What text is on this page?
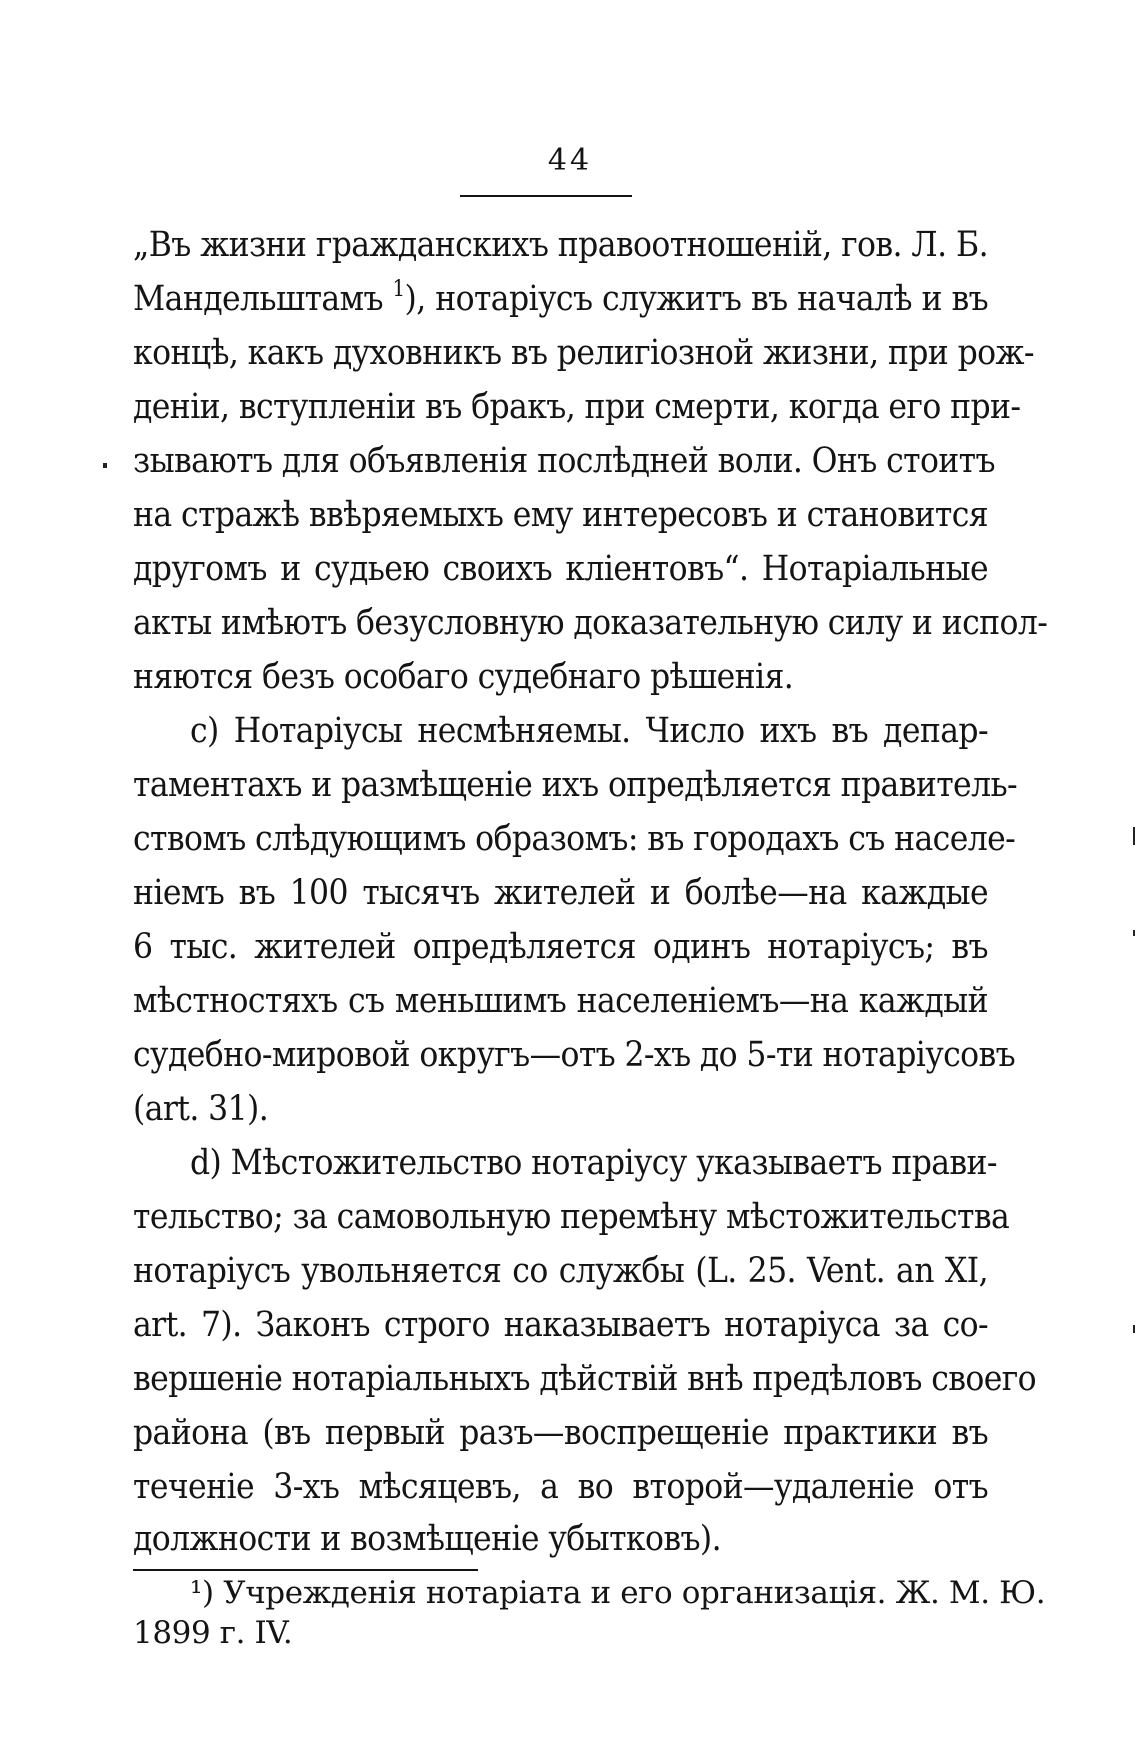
44
„Въ жизни гражданскихъ правоотношеній, гов. Л. Б.
Мандельштамъ $^1$), нотаріусъ служитъ въ началѣ и въ
концѣ, какъ духовникъ въ религіозной жизни, при рож-
деніи, вступленіи въ бракъ, при смерти, когда его при-
зываютъ для объявленія послѣдней воли. Онъ стоитъ
на стражѣ ввѣряемыхъ ему интересовъ и становится
другомъ и судьею своихъ кліентовъ“. Нотаріальные
акты имѣютъ безусловную доказательную силу и испол-
няются безъ особаго судебнаго рѣшенія.
с) Нотаріусы несмѣняемы. Число ихъ въ депар-
таментахъ и размѣщеніе ихъ опредѣляется правитель-
ствомъ слѣдующимъ образомъ: въ городахъ съ населе-
ніемъ въ 100 тысячъ жителей и болѣе—на каждые
6 тыс. жителей опредѣляется одинъ нотаріусъ; въ
мѣстностяхъ съ меньшимъ населеніемъ—на каждый
судебно-мировой округъ—отъ 2-хъ до 5-ти нотаріусовъ
(art. 31).
d) Мѣстожительство нотаріусу указываетъ прави-
тельство; за самовольную перемѣну мѣстожительства
нотаріусъ увольняется со службы (L. 25. Vent. an XI,
art. 7). Законъ строго наказываетъ нотаріуса за со-
вершеніе нотаріальныхъ дѣйствій внѣ предѣловъ своего
района (въ первый разъ—воспрещеніе практики въ
теченіе 3-хъ мѣсяцевъ, а во второй—удаленіе отъ
должности и возмѣщеніе убытковъ).
¹) Учрежденія нотаріата и его организація. Ж. М. Ю.
1899 г. IV.
